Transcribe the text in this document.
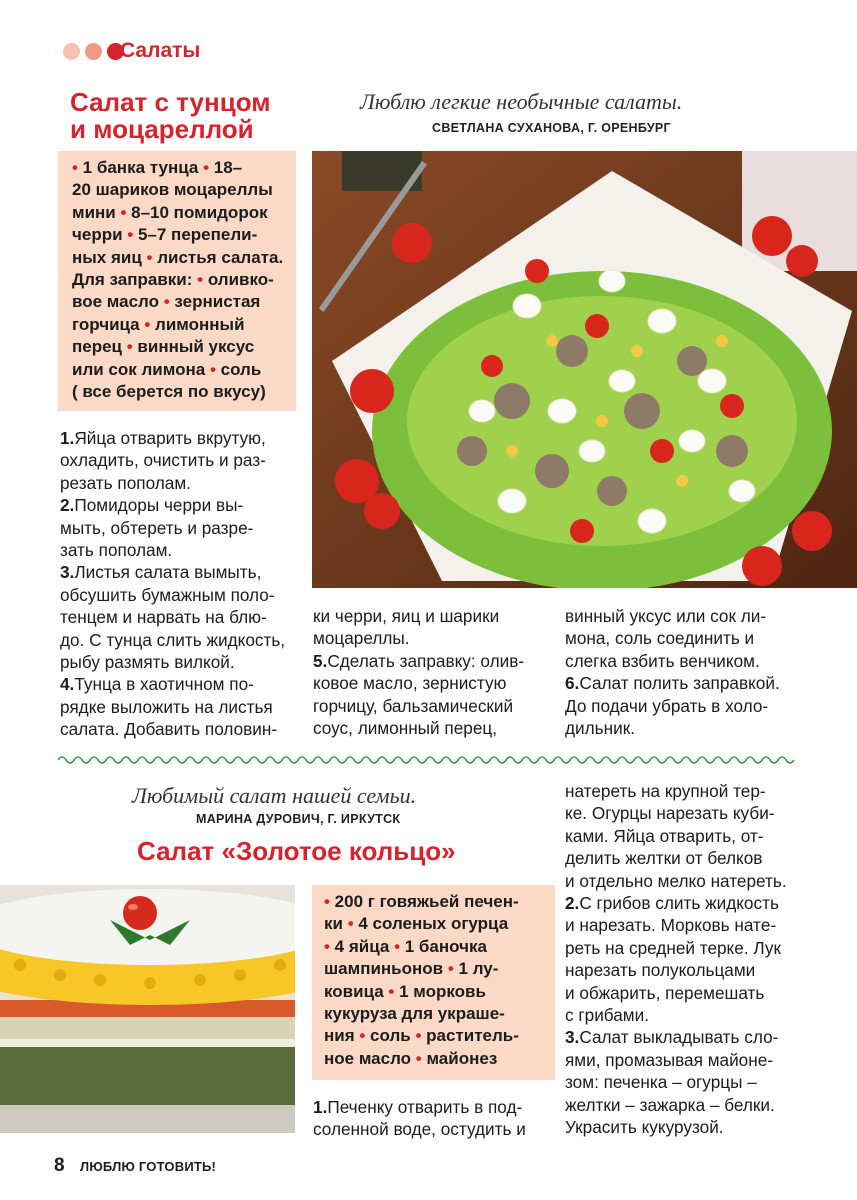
Салаты
Салат с тунцом
и моцареллой
Люблю легкие необычные салаты.
СВЕТЛАНА СУХАНОВА, Г. ОРЕНБУРГ
• 1 банка тунца • 18–
20 шариков моцареллы
мини • 8–10 помидорок
черри • 5–7 перепели-
ных яиц • листья салата.
Для заправки: • оливко-
вое масло • зернистая
горчица • лимонный
перец • винный уксус
или сок лимона • соль
( все берется по вкусу)
1.Яйца отварить вкрутую,
охладить, очистить и раз-
резать пополам.
2.Помидоры черри вы-
мыть, обтереть и разре-
зать пополам.
3.Листья салата вымыть,
обсушить бумажным поло-
тенцем и нарвать на блю-
до. С тунца слить жидкость,
рыбу размять вилкой.
4.Тунца в хаотичном по-
рядке выложить на листья
салата. Добавить половин-
ки черри, яиц и шарики
моцареллы.
5.Сделать заправку: олив-
ковое масло, зернистую
горчицу, бальзамический
соус, лимонный перец,
винный уксус или сок ли-
мона, соль соединить и
слегка взбить венчиком.
6.Салат полить заправкой.
До подачи убрать в холо-
дильник.
Любимый салат нашей семьи.
МАРИНА ДУРОВИЧ, Г. ИРКУТСК
Салат «Золотое кольцо»
• 200 г говяжьей печен-
ки • 4 соленых огурца
• 4 яйца • 1 баночка
шампиньонов • 1 лу-
ковица • 1 морковь
кукуруза для украше-
ния • соль • раститель-
ное масло • майонез
1.Печенку отварить в под-
соленной воде, остудить и
натереть на крупной тер-
ке. Огурцы нарезать куби-
ками. Яйца отварить, от-
делить желтки от белков
и отдельно мелко натереть.
2.С грибов слить жидкость
и нарезать. Морковь натe-
реть на средней терке. Лук
нарезать полукольцами
и обжарить, перемешать
с грибами.
3.Салат выкладывать сло-
ями, промазывая майоне-
зом: печенка – огурцы –
желтки – зажарка – белки.
Украсить кукурузой.
8 ЛЮБЛЮ ГОТОВИТЬ!
